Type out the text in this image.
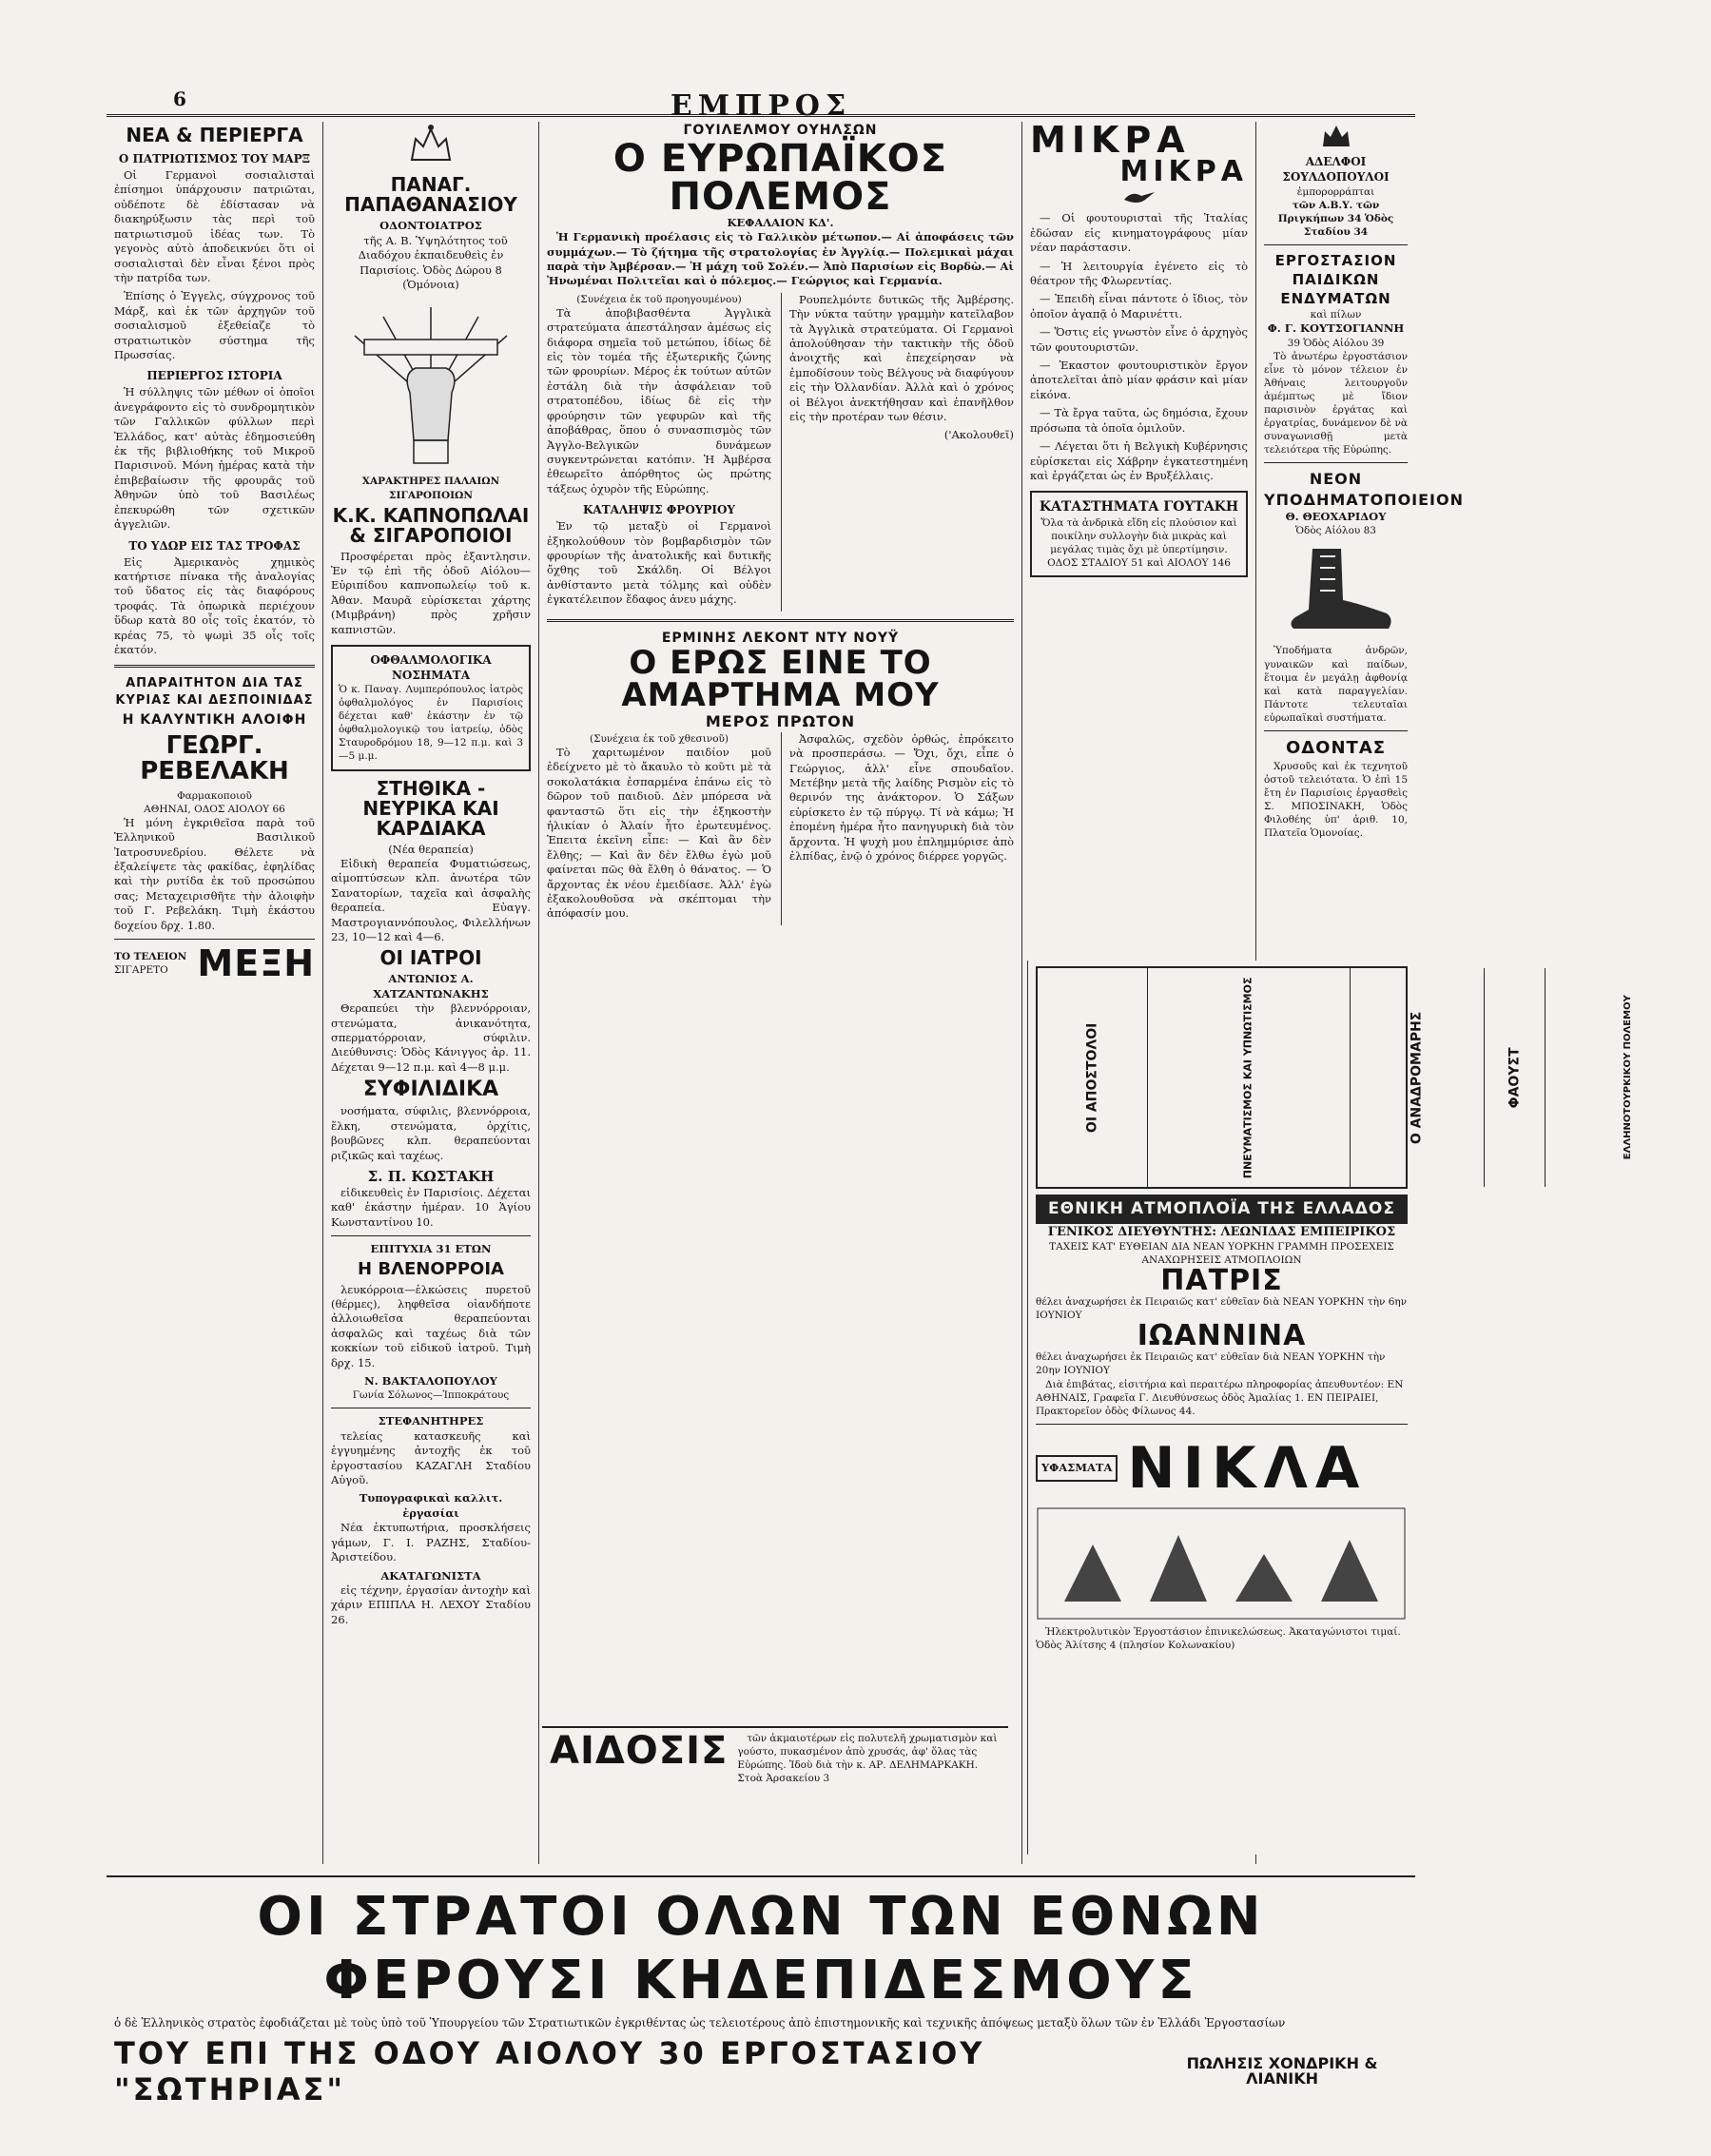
6	ΕΜΠΡΟΣ
ΝΕΑ & ΠΕΡΙΕΡΓΑ
Ο ΠΑΤΡΙΩΤΙΣΜΟΣ ΤΟΥ ΜΑΡΞ

Οἱ Γερμανοὶ σοσιαλισταὶ ἐπίσημοι ὑπάρχουσιν πατριῶται, οὐδέποτε δὲ ἐδίστασαν νὰ διακηρύξωσιν τὰς περὶ τοῦ πατριωτισμοῦ ἰδέας των. Τὸ γεγονὸς αὐτὸ ἀποδεικνύει ὅτι οἱ σοσιαλισταὶ δὲν εἶναι ξένοι πρὸς τὴν πατρίδα των.

Ἐπίσης ὁ Ἐγγελς, σύγχρονος τοῦ Μάρξ, καὶ ἐκ τῶν ἀρχηγῶν τοῦ σοσιαλισμοῦ ἐξεθείαζε τὸ στρατιωτικὸν σύστημα τῆς Πρωσσίας.

ΠΕΡΙΕΡΓΟΣ ΙΣΤΟΡΙΑ

Ἡ σύλληψις τῶν μέθων οἱ ὁποῖοι ἀνεγράφοντο εἰς τὸ συνδρομητικὸν τῶν Γαλλικῶν φύλλων περὶ Ἑλλάδος, κατ' αὐτὰς ἐδημοσιεύθη ἐκ τῆς βιβλιοθήκης τοῦ Μικροῦ Παρισινοῦ. Μόνη ἡμέρας κατὰ τὴν ἐπιβεβαίωσιν τῆς φρουρᾶς τοῦ Ἀθηνῶν ὑπὸ τοῦ Βασιλέως ἐπεκυρώθη τῶν σχετικῶν ἀγγελιῶν.

ΤΟ ΥΔΩΡ ΕΙΣ ΤΑΣ ΤΡΟΦΑΣ

Εἰς Ἀμερικανὸς χημικὸς κατήρτισε πίνακα τῆς ἀναλογίας τοῦ ὕδατος εἰς τὰς διαφόρους τροφάς. Τὰ ὀπωρικὰ περιέχουν ὕδωρ κατὰ 80 οἷς τοῖς ἑκατόν, τὸ κρέας 75, τὸ ψωμὶ 35 οἷς τοῖς ἑκατόν.

ΑΠΑΡΑΙΤΗΤΟΝ ΔΙΑ ΤΑΣ ΚΥΡΙΑΣ ΚΑΙ ΔΕΣΠΟΙΝΙΔΑΣ
Η ΚΑΛΥΝΤΙΚΗ ΑΛΟΙΦΗ
ΓΕΩΡΓ. ΡΕΒΕΛΑΚΗ
Φαρμακοποιοῦ
ΑΘΗΝΑΙ, ΟΔΟΣ ΑΙΟΛΟΥ 66

Ἡ μόνη ἐγκριθεῖσα παρὰ τοῦ Ἑλληνικοῦ Βασιλικοῦ Ἰατροσυνεδρίου. Θέλετε νὰ ἐξαλείψετε τὰς φακίδας, ἐφηλίδας καὶ τὴν ρυτίδα ἐκ τοῦ προσώπου σας; Μεταχειρισθῆτε τὴν ἀλοιφὴν τοῦ Γ. Ρεβελάκη. Τιμὴ ἑκάστου δοχείου δρχ. 1.80.

ΤΟ ΤΕΛΕΙΟΝ
ΣΙΓΑΡΕΤΟ ΜΕΞΗ
ΠΑΝΑΓ. ΠΑΠΑΘΑΝΑΣΙΟΥ
ΟΔΟΝΤΟΙΑΤΡΟΣ

τῆς Α. Β. Ὑψηλότητος τοῦ Διαδόχου ἐκπαιδευθεὶς ἐν Παρισίοις. Ὁδὸς Δώρου 8 (Ὁμόνοια)

ΧΑΡΑΚΤΗΡΕΣ ΠΑΛΑΙΩΝ ΣΙΓΑΡΟΠΟΙΩΝ
Κ.Κ. ΚΑΠΝΟΠΩΛΑΙ & ΣΙΓΑΡΟΠΟΙΟΙ

Προσφέρεται πρὸς ἐξαντλησιν. Ἐν τῷ ἐπὶ τῆς ὁδοῦ Αἰόλου—Εὐριπίδου καπνοπωλείῳ τοῦ κ. Ἀθαν. Μαυρᾶ εὑρίσκεται χάρτης (Μιμβράνη) πρὸς χρῆσιν καπνιστῶν.

ΟΦΘΑΛΜΟΛΟΓΙΚΑ ΝΟΣΗΜΑΤΑ
Ὁ κ. Παναγ. Λυμπερόπουλος ἰατρὸς ὀφθαλμολόγος ἐν Παρισίοις δέχεται καθ' ἑκάστην ἐν τῷ ὀφθαλμολογικῷ του ἰατρείῳ, ὁδὸς Σταυροδρόμου 18, 9—12 π.μ. καὶ 3—5 μ.μ.
ΣΤΗΘΙΚΑ - ΝΕΥΡΙΚΑ ΚΑΙ ΚΑΡΔΙΑΚΑ
(Νέα θεραπεία)

Εἰδικὴ θεραπεία Φυματιώσεως, αἱμοπτύσεων κλπ. ἀνωτέρα τῶν Σανατορίων, ταχεῖα καὶ ἀσφαλὴς θεραπεία. Εὐαγγ. Μαστρογιαννόπουλος, Φιλελλήνων 23, 10—12 καὶ 4—6.

ΟΙ ΙΑΤΡΟΙ
ΑΝΤΩΝΙΟΣ Α. ΧΑΤΖΑΝΤΩΝΑΚΗΣ

Θεραπεύει τὴν βλεννόρροιαν, στενώματα, ἀνικανότητα, σπερματόρροιαν, σύφιλιν. Διεύθυνσις: Ὁδὸς Κάνιγγος ἀρ. 11. Δέχεται 9—12 π.μ. καὶ 4—8 μ.μ.

ΣΥΦΙΛΙΔΙΚΑ

νοσήματα, σύφιλις, βλεννόρροια, ἕλκη, στενώματα, ὀρχίτις, βουβῶνες κλπ. θεραπεύονται ριζικῶς καὶ ταχέως.

Σ. Π. ΚΩΣΤΑΚΗ

εἰδικευθεὶς ἐν Παρισίοις. Δέχεται καθ' ἑκάστην ἡμέραν. 10 Ἁγίου Κωνσταντίνου 10.

ΕΠΙΤΥΧΙΑ 31 ΕΤΩΝ
Η ΒΛΕΝΟΡΡΟΙΑ

λευκόρροια—ἑλκώσεις πυρετοῦ (θέρμες), ληφθεῖσα οἰανδήποτε ἀλλοιωθεῖσα θεραπεύονται ἀσφαλῶς καὶ ταχέως διὰ τῶν κοκκίων τοῦ εἰδικοῦ ἰατροῦ. Τιμὴ δρχ. 15.

Ν. ΒΑΚΤΑΛΟΠΟΥΛΟΥ
Γωνία Σόλωνος—Ἱπποκράτους
ΣΤΕΦΑΝΗΤΗΡΕΣ

τελείας κατασκευῆς καὶ ἐγγυημένης ἀντοχῆς ἐκ τοῦ ἐργοστασίου ΚΑΖΑΓΛΗ Σταδίου Αὐγοῦ.

Τυπογραφικαὶ καλλιτ. ἐργασίαι

Νέα ἐκτυπωτήρια, προσκλήσεις γάμων, Γ. Ι. ΡΑΖΗΣ, Σταδίου-Ἀριστείδου.

ΑΚΑΤΑΓΩΝΙΣΤΑ

εἰς τέχνην, ἐργασίαν ἀντοχὴν καὶ χάριν ΕΠΙΠΛΑ Η. ΛΕΧΟΥ Σταδίου 26.

ΓΟΥΙΛΕΛΜΟΥ ΟΥΗΛΣΩΝ
Ο ΕΥΡΩΠΑΪΚΟΣ ΠΟΛΕΜΟΣ
ΚΕΦΑΛΑΙΟΝ ΚΔ'.

Ἡ Γερμανικὴ προέλασις εἰς τὸ Γαλλικὸν μέτωπον.— Αἱ ἀποφάσεις τῶν συμμάχων.— Τὸ ζήτημα τῆς στρατολογίας ἐν Ἀγγλίᾳ.— Πολεμικαὶ μάχαι παρὰ τὴν Ἀμβέρσαν.— Ἡ μάχη τοῦ Σολέν.— Ἀπὸ Παρισίων εἰς Βορδὼ.— Αἱ Ἠνωμέναι Πολιτεῖαι καὶ ὁ πόλεμος.— Γεώργιος καὶ Γερμανία.

(Συνέχεια ἐκ τοῦ προηγουμένου)

Τὰ ἀποβιβασθέντα Ἀγγλικὰ στρατεύματα ἀπεστάλησαν ἀμέσως εἰς διάφορα σημεῖα τοῦ μετώπου, ἰδίως δὲ εἰς τὸν τομέα τῆς ἐξωτερικῆς ζώνης τῶν φρουρίων. Μέρος ἐκ τούτων αὐτῶν ἐστάλη διὰ τὴν ἀσφάλειαν τοῦ στρατοπέδου, ἰδίως δὲ εἰς τὴν φρούρησιν τῶν γεφυρῶν καὶ τῆς ἀποβάθρας, ὅπου ὁ συνασπισμὸς τῶν Ἀγγλο-Βελγικῶν δυνάμεων συγκεντρώνεται κατόπιν. Ἡ Ἀμβέρσα ἐθεωρεῖτο ἀπόρθητος ὡς πρώτης τάξεως ὀχυρὸν τῆς Εὐρώπης.

ΚΑΤΑΛΗΨΙΣ ΦΡΟΥΡΙΟΥ

Ἐν τῷ μεταξὺ οἱ Γερμανοὶ ἐξηκολούθουν τὸν βομβαρδισμὸν τῶν φρουρίων τῆς ἀνατολικῆς καὶ δυτικῆς ὄχθης τοῦ Σκάλδη. Οἱ Βέλγοι ἀνθίσταντο μετὰ τόλμης καὶ οὐδὲν ἐγκατέλειπον ἔδαφος ἀνευ μάχης.

Ρουπελμόντε δυτικῶς τῆς Ἀμβέρσης. Τὴν νύκτα ταύτην γραμμὴν κατεῖλαβον τὰ Ἀγγλικὰ στρατεύματα. Οἱ Γερμανοὶ ἀπολούθησαν τὴν τακτικὴν τῆς ὁδοῦ ἀνοιχτῆς καὶ ἐπεχείρησαν νὰ ἐμποδίσουν τοὺς Βέλγους νὰ διαφύγουν εἰς τὴν Ὀλλανδίαν. Ἀλλὰ καὶ ὁ χρόνος οἱ Βέλγοι ἀνεκτήθησαν καὶ ἐπανῆλθον εἰς τὴν προτέραν των θέσιν.

('Ακολουθεῖ)
ΕΡΜΙΝΗΣ ΛΕΚΟΝΤ ΝΤΥ ΝΟΥΫ
Ο ΕΡΩΣ ΕΙΝΕ ΤΟ ΑΜΑΡΤΗΜΑ ΜΟΥ
ΜΕΡΟΣ ΠΡΩΤΟΝ
(Συνέχεια ἐκ τοῦ χθεσινοῦ)

Τὸ χαριτωμένον παιδίον μοῦ ἐδείχνετο μὲ τὸ ἄκαυλο τὸ κοῦτι μὲ τὰ σοκολατάκια ἐσπαρμένα ἐπάνω εἰς τὸ δῶρον τοῦ παιδιοῦ. Δὲν μπόρεσα νὰ φανταστῶ ὅτι εἰς τὴν ἐξηκοστὴν ἡλικίαν ὁ Ἀλαίν ἦτο ἐρωτευμένος. Ἐπειτα ἐκεῖνη εἶπε: — Καὶ ἂν δὲν ἔλθης; — Καὶ ἂν δὲν ἔλθω ἐγὼ μοῦ φαίνεται πῶς θὰ ἔλθη ὁ θάνατος. — Ὁ ἄρχοντας ἐκ νέου ἐμειδίασε. Ἀλλ' ἐγὼ ἐξακολουθοῦσα νὰ σκέπτομαι τὴν ἀπόφασίν μου.

Ἀσφαλῶς, σχεδὸν ὀρθώς, ἐπρόκειτο νὰ προσπεράσω. — Ὄχι, ὄχι, εἶπε ὁ Γεώργιος, ἀλλ' εἶνε σπουδαῖον. Μετέβην μετὰ τῆς λαίδης Ρισμὸν εἰς τὸ θερινόν της ἀνάκτορον. Ὁ Σάξων εὑρίσκετο ἐν τῷ πύργῳ. Τί νὰ κάμω; Ἡ ἐπομένη ἡμέρα ἦτο πανηγυρικὴ διὰ τὸν ἄρχοντα. Ἡ ψυχὴ μου ἐπλημμύρισε ἀπὸ ἐλπίδας, ἐνῷ ὁ χρόνος διέρρεε γοργῶς.

ΜΙΚΡΑ
ΜΙΚΡΑ

— Οἱ φουτουρισταὶ τῆς Ἰταλίας ἐδώσαν εἰς κινηματογράφους μίαν νέαν παράστασιν.

— Ἡ λειτουργία ἐγένετο εἰς τὸ θέατρον τῆς Φλωρεντίας.

— Ἐπειδὴ εἶναι πάντοτε ὁ ἴδιος, τὸν ὁποῖον ἀγαπᾷ ὁ Μαρινέττι.

— Ὅστις εἰς γνωστὸν εἶνε ὁ ἀρχηγὸς τῶν φουτουριστῶν.

— Ἐκαστον φουτουριστικὸν ἔργον ἀποτελεῖται ἀπὸ μίαν φράσιν καὶ μίαν εἰκόνα.

— Τὰ ἔργα ταῦτα, ὡς δημόσια, ἔχουν πρόσωπα τὰ ὁποῖα ὁμιλοῦν.

— Λέγεται ὅτι ἡ Βελγικὴ Κυβέρνησις εὑρίσκεται εἰς Χάβρην ἐγκατεστημένη καὶ ἐργάζεται ὡς ἐν Βρυξέλλαις.

ΚΑΤΑΣΤΗΜΑΤΑ ΓΟΥΤΑΚΗ
Ὅλα τὰ ἀνδρικὰ εἴδη εἰς πλούσιον καὶ ποικίλην συλλογὴν διὰ μικρὰς καὶ μεγάλας τιμὰς ὄχι μὲ ὑπερτίμησιν. ΟΔΟΣ ΣΤΑΔΙΟΥ 51 καὶ ΑΙΟΛΟΥ 146
ΑΔΕΛΦΟΙ ΣΟΥΛΔΟΠΟΥΛΟΙ
ἐμπορορράπται
τῶν Α.Β.Υ. τῶν Πριγκήπων 34 Ὁδὸς Σταδίου 34
ΕΡΓΟΣΤΑΣΙΟΝ ΠΑΙΔΙΚΩΝ ΕΝΔΥΜΑΤΩΝ
καὶ πίλων
Φ. Γ. ΚΟΥΤΣΟΓΙΑΝΝΗ
39 Ὁδὸς Αἰόλου 39

Τὸ ἀνωτέρω ἐργοστάσιον εἶνε τὸ μόνον τέλειον ἐν Ἀθήναις λειτουργοῦν ἀμέμπτως μὲ ἴδιον παρισινὸν ἐργάτας καὶ ἐργατρίας, δυνάμενον δὲ νὰ συναγωνισθῇ μετὰ τελειότερα τῆς Εὐρώπης.

ΝΕΟΝ ΥΠΟΔΗΜΑΤΟΠΟΙΕΙΟΝ
Θ. ΘΕΟΧΑΡΙΔΟΥ
Ὁδὸς Αἰόλου 83

Ὑποδήματα ἀνδρῶν, γυναικῶν καὶ παίδων, ἕτοιμα ἐν μεγάλῃ ἀφθονίᾳ καὶ κατὰ παραγγελίαν. Πάντοτε τελευταῖαι εὐρωπαϊκαὶ συστήματα.

ΟΔΟΝΤΑΣ

Χρυσοῦς καὶ ἐκ τεχνητοῦ ὀστοῦ τελειότατα. Ὁ ἐπὶ 15 ἔτη ἐν Παρισίοις ἐργασθεὶς Σ. ΜΠΟΣΙΝΑΚΗ, Ὁδὸς Φιλοθέης ὑπ' ἀριθ. 10, Πλατεῖα Ὁμονοίας.

ΟΙ ΑΠΟΣΤΟΛΟΙ	ΠΝΕΥΜΑΤΙΣΜΟΣ ΚΑΙ ΥΠΝΩΤΙΣΜΟΣ	Ο ΑΝΑΔΡΟΜΑΡΗΣ	ΦΑΟΥΣΤ	ΕΛΛΗΝΟΤΟΥΡΚΙΚΟΥ ΠΟΛΕΜΟΥ
ΕΘΝΙΚΗ ΑΤΜΟΠΛΟΪΑ ΤΗΣ ΕΛΛΑΔΟΣ
ΓΕΝΙΚΟΣ ΔΙΕΥΘΥΝΤΗΣ: ΛΕΩΝΙΔΑΣ ΕΜΠΕΙΡΙΚΟΣ
ΤΑΧΕΙΣ ΚΑΤ' ΕΥΘΕΙΑΝ ΔΙΑ ΝΕΑΝ ΥΟΡΚΗΝ ΓΡΑΜΜΗ ΠΡΟΣΕΧΕΙΣ ΑΝΑΧΩΡΗΣΕΙΣ ΑΤΜΟΠΛΟΙΩΝ
ΠΑΤΡΙΣ
θέλει ἀναχωρήσει ἐκ Πειραιῶς κατ' εὐθεῖαν διὰ ΝΕΑΝ ΥΟΡΚΗΝ τὴν 6ην ΙΟΥΝΙΟΥ
ΙΩΑΝΝΙΝΑ
θέλει ἀναχωρήσει ἐκ Πειραιῶς κατ' εὐθεῖαν διὰ ΝΕΑΝ ΥΟΡΚΗΝ τὴν 20ην ΙΟΥΝΙΟΥ

Διὰ ἐπιβάτας, εἰσιτήρια καὶ περαιτέρω πληροφορίας ἀπευθυντέον: ΕΝ ΑΘΗΝΑΙΣ, Γραφεῖα Γ. Διευθύνσεως ὁδὸς Ἀμαλίας 1. ΕΝ ΠΕΙΡΑΙΕΙ, Πρακτορεῖον ὁδὸς Φίλωνος 44.

ΥΦΑΣΜΑΤΑ ΝΙΚΛΑ

Ἠλεκτρολυτικὸν Ἐργοστάσιον ἐπινικελώσεως. Ἀκαταγώνιστοι τιμαί. Ὁδὸς Ἀλίτσης 4 (πλησίον Κολωνακίου)

ΑΙΔΟΣΙΣ	τῶν ἀκμαιοτέρων εἰς πολυτελῆ χρωματισμὸν καὶ γούστο, πυκασμένον ἀπὸ χρυσάς, ἀφ' ὅλας τὰς Εὐρώπης. Ἰδοὺ διὰ τὴν κ. ΑΡ. ΔΕΛΗΜΑΡΚΑΚΗ. Στοὰ Ἀρσακείου 3

ΟΙ ΣΤΡΑΤΟΙ ΟΛΩΝ ΤΩΝ ΕΘΝΩΝ ΦΕΡΟΥΣΙ ΚΗΔΕΠΙΔΕΣΜΟΥΣ
ὁ δὲ Ἑλληνικὸς στρατὸς ἐφοδιάζεται μὲ τοὺς ὑπὸ τοῦ Ὑπουργείου τῶν Στρατιωτικῶν ἐγκριθέντας ὡς τελειοτέρους ἀπὸ ἐπιστημονικῆς καὶ τεχνικῆς ἀπόψεως μεταξὺ ὅλων τῶν ἐν Ἑλλάδι Ἐργοστασίων
ΤΟΥ ΕΠΙ ΤΗΣ ΟΔΟΥ ΑΙΟΛΟΥ 30 ΕΡΓΟΣΤΑΣΙΟΥ "ΣΩΤΗΡΙΑΣ"
ΠΩΛΗΣΙΣ ΧΟΝΔΡΙΚΗ & ΛΙΑΝΙΚΗ
